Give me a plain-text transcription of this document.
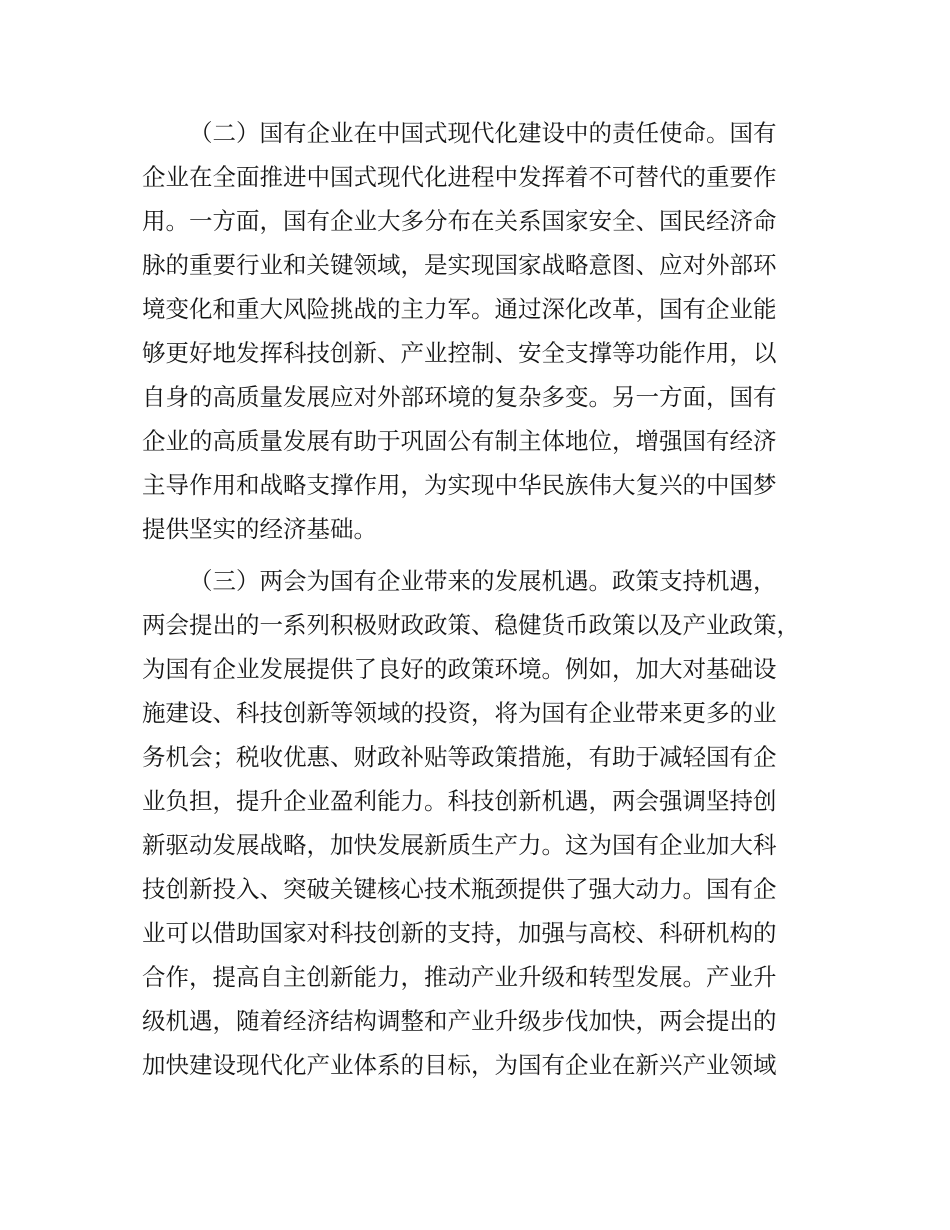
（二）国有企业在中国式现代化建设中的责任使命。国有
企业在全面推进中国式现代化进程中发挥着不可替代的重要作
用。一方面，国有企业大多分布在关系国家安全、国民经济命
脉的重要行业和关键领域，是实现国家战略意图、应对外部环
境变化和重大风险挑战的主力军。通过深化改革，国有企业能
够更好地发挥科技创新、产业控制、安全支撑等功能作用，以
自身的高质量发展应对外部环境的复杂多变。另一方面，国有
企业的高质量发展有助于巩固公有制主体地位，增强国有经济
主导作用和战略支撑作用，为实现中华民族伟大复兴的中国梦
提供坚实的经济基础。
（三）两会为国有企业带来的发展机遇。政策支持机遇，
两会提出的一系列积极财政政策、稳健货币政策以及产业政策，
为国有企业发展提供了良好的政策环境。例如，加大对基础设
施建设、科技创新等领域的投资，将为国有企业带来更多的业
务机会；税收优惠、财政补贴等政策措施，有助于减轻国有企
业负担，提升企业盈利能力。科技创新机遇，两会强调坚持创
新驱动发展战略，加快发展新质生产力。这为国有企业加大科
技创新投入、突破关键核心技术瓶颈提供了强大动力。国有企
业可以借助国家对科技创新的支持，加强与高校、科研机构的
合作，提高自主创新能力，推动产业升级和转型发展。产业升
级机遇，随着经济结构调整和产业升级步伐加快，两会提出的
加快建设现代化产业体系的目标，为国有企业在新兴产业领域
